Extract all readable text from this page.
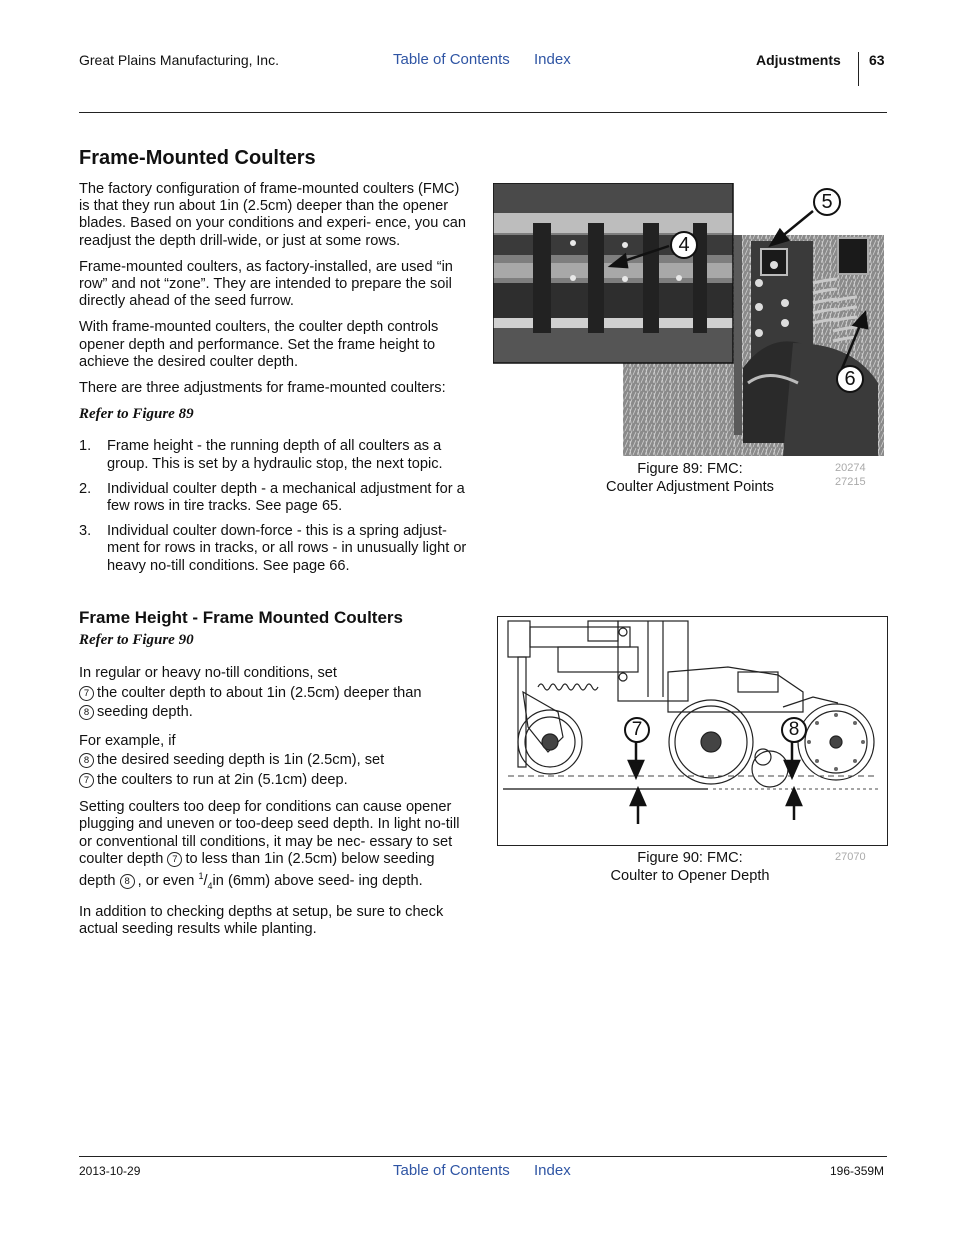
Great Plains Manufacturing, Inc.	Table of Contents Index	Adjustments 63
Frame-Mounted Coulters

The factory configuration of frame-mounted coulters (FMC) is that they run about 1in (2.5cm) deeper than the opener blades. Based on your conditions and experi- ence, you can readjust the depth drill-wide, or just at some rows.

Frame-mounted coulters, as factory-installed, are used “in row” and not “zone”. They are intended to prepare the soil directly ahead of the seed furrow.

With frame-mounted coulters, the coulter depth controls opener depth and performance. Set the frame height to achieve the desired coulter depth.

There are three adjustments for frame-mounted coulters:

Refer to Figure 89

1. Frame height - the running depth of all coulters as a group. This is set by a hydraulic stop, the next topic.
2. Individual coulter depth - a mechanical adjustment for a few rows in tire tracks. See page 65.
3. Individual coulter down-force - this is a spring adjust- ment for rows in tracks, or all rows - in unusually light or heavy no-till conditions. See page 66.
Frame Height - Frame Mounted Coulters

Refer to Figure 90

In regular or heavy no-till conditions, set
7 the coulter depth to about 1in (2.5cm) deeper than
8 seeding depth.

For example, if
8 the desired seeding depth is 1in (2.5cm), set
7 the coulters to run at 2in (5.1cm) deep.

Setting coulters too deep for conditions can cause opener plugging and uneven or too-deep seed depth. In light no-till or conventional till conditions, it may be nec- essary to set coulter depth 7 to less than 1in (2.5cm) below seeding depth 8 , or even $^1/_4in$ (6mm) above seed- ing depth.

In addition to checking depths at setup, be sure to check actual seeding results while planting.

4
5
6
Figure 89: FMC:
Coulter Adjustment Points
20274
27215
7	8
Figure 90: FMC:
Coulter to Opener Depth
27070
2013-10-29	Table of Contents Index	196-359M
